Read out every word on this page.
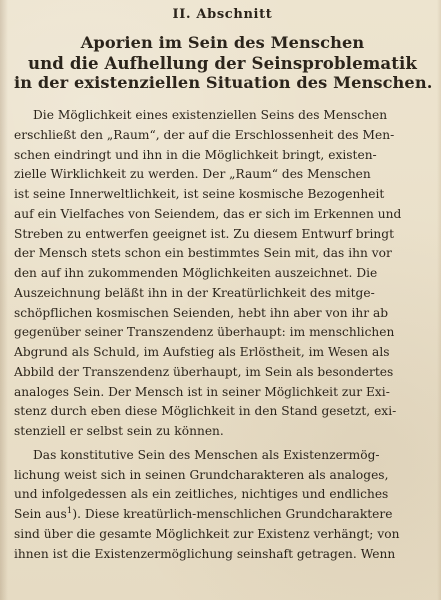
II. Abschnitt
Aporien im Sein des Menschen
und die Aufhellung der Seinsproblematik
in der existenziellen Situation des Menschen.
Die Möglichkeit eines existenziellen Seins des Menschen
erschließt den „Raum“, der auf die Erschlossenheit des Men-
schen eindringt und ihn in die Möglichkeit bringt, existen-
zielle Wirklichkeit zu werden. Der „Raum“ des Menschen
ist seine Innerweltlichkeit, ist seine kosmische Bezogenheit
auf ein Vielfaches von Seiendem, das er sich im Erkennen und
Streben zu entwerfen geeignet ist. Zu diesem Entwurf bringt
der Mensch stets schon ein bestimmtes Sein mit, das ihn vor
den auf ihn zukommenden Möglichkeiten auszeichnet. Die
Auszeichnung beläßt ihn in der Kreatürlichkeit des mitge-
schöpflichen kosmischen Seienden, hebt ihn aber von ihr ab
gegenüber seiner Transzendenz überhaupt: im menschlichen
Abgrund als Schuld, im Aufstieg als Erlöstheit, im Wesen als
Abbild der Transzendenz überhaupt, im Sein als besondertes
analoges Sein. Der Mensch ist in seiner Möglichkeit zur Exi-
stenz durch eben diese Möglichkeit in den Stand gesetzt, exi-
stenziell er selbst sein zu können.
Das konstitutive Sein des Menschen als Existenzermög-
lichung weist sich in seinen Grundcharakteren als analoges,
und infolgedessen als ein zeitliches, nichtiges und endliches
Sein aus$^1$). Diese kreatürlich-menschlichen Grundcharaktere
sind über die gesamte Möglichkeit zur Existenz verhängt; von
ihnen ist die Existenzermöglichung seinshaft getragen. Wenn
